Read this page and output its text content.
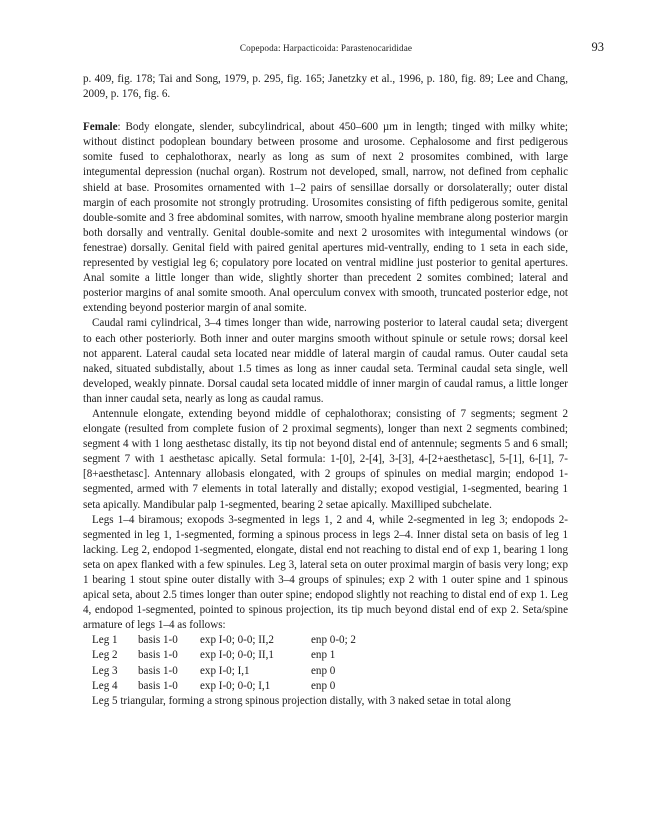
Copepoda: Harpacticoida: Parastenocarididae	93

p. 409, fig. 178; Tai and Song, 1979, p. 295, fig. 165; Janetzky et al., 1996, p. 180, fig. 89; Lee and Chang, 2009, p. 176, fig. 6.

Female: Body elongate, slender, subcylindrical, about 450–600 µm in length; tinged with milky white; without distinct podoplean boundary between prosome and urosome. Cephalosome and first pedigerous somite fused to cephalothorax, nearly as long as sum of next 2 prosomites combined, with large integumental depression (nuchal organ). Rostrum not developed, small, narrow, not defined from cephalic shield at base. Prosomites ornamented with 1–2 pairs of sensillae dorsally or dorsolaterally; outer distal margin of each prosomite not strongly protruding. Urosomites consisting of fifth pedigerous somite, genital double-somite and 3 free abdominal somites, with narrow, smooth hyaline membrane along posterior margin both dorsally and ventrally. Genital double-somite and next 2 urosomites with integumental windows (or fenestrae) dorsally. Genital field with paired genital apertures mid-ventrally, ending to 1 seta in each side, represented by vestigial leg 6; copulatory pore located on ventral midline just posterior to genital apertures. Anal somite a little longer than wide, slightly shorter than precedent 2 somites combined; lateral and posterior margins of anal somite smooth. Anal operculum convex with smooth, truncated posterior edge, not extending beyond posterior margin of anal somite.

Caudal rami cylindrical, 3–4 times longer than wide, narrowing posterior to lateral caudal seta; divergent to each other posteriorly. Both inner and outer margins smooth without spinule or setule rows; dorsal keel not apparent. Lateral caudal seta located near middle of lateral margin of caudal ramus. Outer caudal seta naked, situated subdistally, about 1.5 times as long as inner caudal seta. Terminal caudal seta single, well developed, weakly pinnate. Dorsal caudal seta located middle of inner margin of caudal ramus, a little longer than inner caudal seta, nearly as long as caudal ramus.

Antennule elongate, extending beyond middle of cephalothorax; consisting of 7 segments; segment 2 elongate (resulted from complete fusion of 2 proximal segments), longer than next 2 segments combined; segment 4 with 1 long aesthetasc distally, its tip not beyond distal end of antennule; segments 5 and 6 small; segment 7 with 1 aesthetasc apically. Setal formula: 1-[0], 2-[4], 3-[3], 4-[2+aesthetasc], 5-[1], 6-[1], 7-[8+aesthetasc]. Antennary allobasis elongated, with 2 groups of spinules on medial margin; endopod 1-segmented, armed with 7 elements in total laterally and distally; exopod vestigial, 1-segmented, bearing 1 seta apically. Mandibular palp 1-segmented, bearing 2 setae apically. Maxilliped subchelate.

Legs 1–4 biramous; exopods 3-segmented in legs 1, 2 and 4, while 2-segmented in leg 3; endopods 2-segmented in leg 1, 1-segmented, forming a spinous process in legs 2–4. Inner distal seta on basis of leg 1 lacking. Leg 2, endopod 1-segmented, elongate, distal end not reaching to distal end of exp 1, bearing 1 long seta on apex flanked with a few spinules. Leg 3, lateral seta on outer proximal margin of basis very long; exp 1 bearing 1 stout spine outer distally with 3–4 groups of spinules; exp 2 with 1 outer spine and 1 spinous apical seta, about 2.5 times longer than outer spine; endopod slightly not reaching to distal end of exp 1. Leg 4, endopod 1-segmented, pointed to spinous projection, its tip much beyond distal end of exp 2. Seta/spine armature of legs 1–4 as follows:

Leg 1	basis 1-0	exp I-0; 0-0; II,2	enp 0-0; 2
Leg 2	basis 1-0	exp I-0; 0-0; II,1	enp 1
Leg 3	basis 1-0	exp I-0; I,1	enp 0
Leg 4	basis 1-0	exp I-0; 0-0; I,1	enp 0

Leg 5 triangular, forming a strong spinous projection distally, with 3 naked setae in total along
